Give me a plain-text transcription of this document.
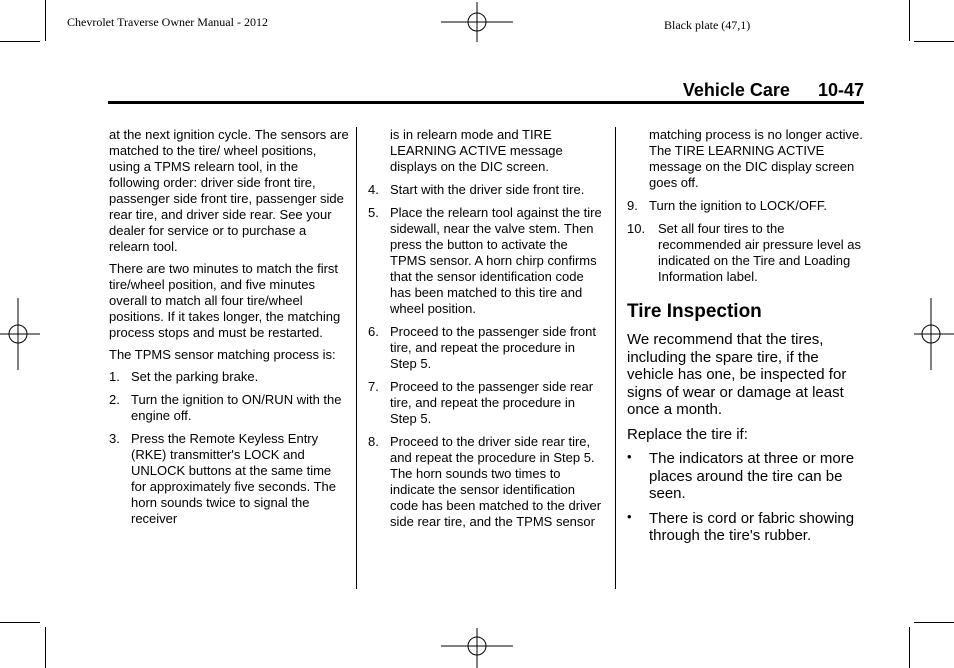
Chevrolet Traverse Owner Manual - 2012	Black plate (47,1)
Vehicle Care 10-47

at the next ignition cycle. The sensors are matched to the tire/ wheel positions, using a TPMS relearn tool, in the following order: driver side front tire, passenger side front tire, passenger side rear tire, and driver side rear. See your dealer for service or to purchase a relearn tool.

There are two minutes to match the first tire/wheel position, and five minutes overall to match all four tire/wheel positions. If it takes longer, the matching process stops and must be restarted.

The TPMS sensor matching process is:

1. Set the parking brake.
2. Turn the ignition to ON/RUN with the engine off.
3. Press the Remote Keyless Entry (RKE) transmitter's LOCK and UNLOCK buttons at the same time for approximately five seconds. The horn sounds twice to signal the receiver
is in relearn mode and TIRE LEARNING ACTIVE message displays on the DIC screen.
4. Start with the driver side front tire.
5. Place the relearn tool against the tire sidewall, near the valve stem. Then press the button to activate the TPMS sensor. A horn chirp confirms that the sensor identification code has been matched to this tire and wheel position.
6. Proceed to the passenger side front tire, and repeat the procedure in Step 5.
7. Proceed to the passenger side rear tire, and repeat the procedure in Step 5.
8. Proceed to the driver side rear tire, and repeat the procedure in Step 5. The horn sounds two times to indicate the sensor identification code has been matched to the driver side rear tire, and the TPMS sensor
matching process is no longer active. The TIRE LEARNING ACTIVE message on the DIC display screen goes off.
9. Turn the ignition to LOCK/OFF.
10. Set all four tires to the recommended air pressure level as indicated on the Tire and Loading Information label.
Tire Inspection

We recommend that the tires, including the spare tire, if the vehicle has one, be inspected for signs of wear or damage at least once a month.

Replace the tire if:

• The indicators at three or more places around the tire can be seen.
• There is cord or fabric showing through the tire's rubber.
